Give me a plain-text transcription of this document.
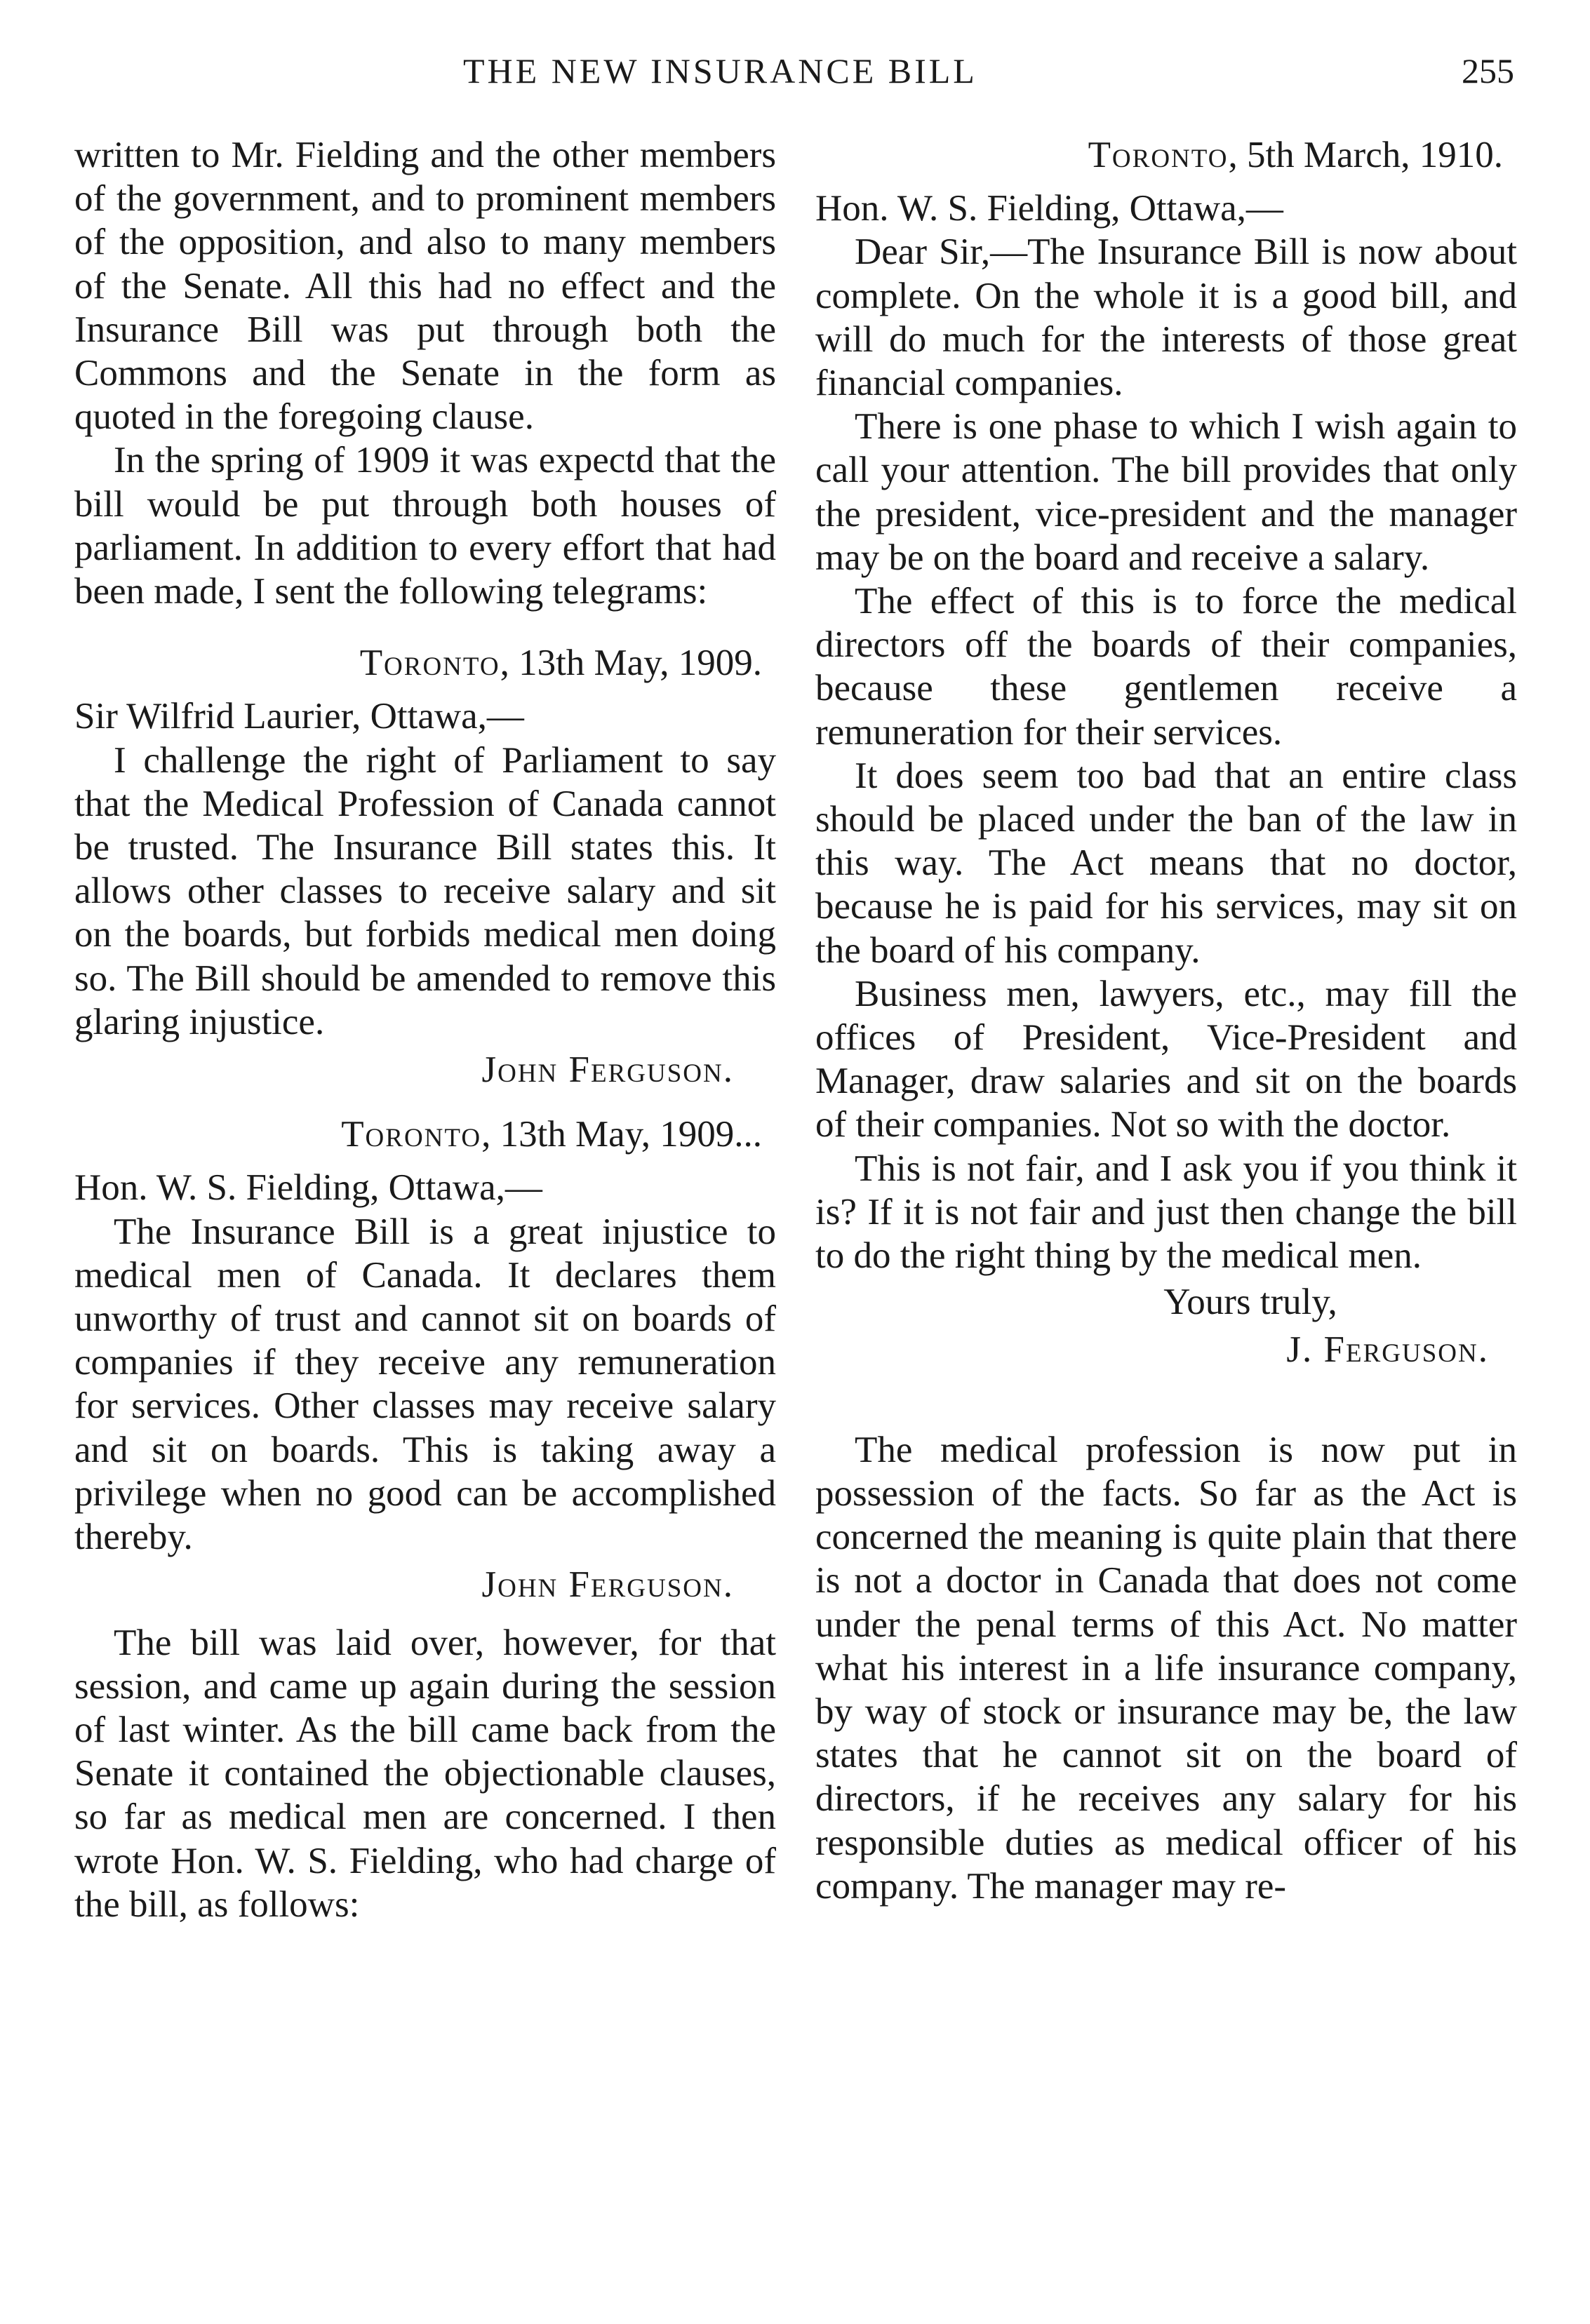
THE NEW INSURANCE BILL	255

written to Mr. Fielding and the other members of the government, and to prominent members of the opposition, and also to many members of the Senate. All this had no effect and the Insurance Bill was put through both the Commons and the Senate in the form as quoted in the foregoing clause.

In the spring of 1909 it was expectd that the bill would be put through both houses of parliament. In addition to every effort that had been made, I sent the following telegrams:

Toronto, 13th May, 1909.

Sir Wilfrid Laurier, Ottawa,—

I challenge the right of Parliament to say that the Medical Profession of Canada cannot be trusted. The Insurance Bill states this. It allows other classes to receive salary and sit on the boards, but forbids medical men doing so. The Bill should be amended to remove this glaring injustice.

John Ferguson.
Toronto, 13th May, 1909...

Hon. W. S. Fielding, Ottawa,—

The Insurance Bill is a great injustice to medical men of Canada. It declares them unworthy of trust and cannot sit on boards of companies if they receive any remuneration for services. Other classes may receive salary and sit on boards. This is taking away a privilege when no good can be accomplished thereby.

John Ferguson.

The bill was laid over, however, for that session, and came up again during the session of last winter. As the bill came back from the Senate it contained the objectionable clauses, so far as medical men are concerned. I then wrote Hon. W. S. Fielding, who had charge of the bill, as follows:

Toronto, 5th March, 1910.

Hon. W. S. Fielding, Ottawa,—

Dear Sir,—The Insurance Bill is now about complete. On the whole it is a good bill, and will do much for the interests of those great financial companies.

There is one phase to which I wish again to call your attention. The bill provides that only the president, vice-president and the manager may be on the board and receive a salary.

The effect of this is to force the medical directors off the boards of their companies, because these gentlemen receive a remuneration for their services.

It does seem too bad that an entire class should be placed under the ban of the law in this way. The Act means that no doctor, because he is paid for his services, may sit on the board of his company.

Business men, lawyers, etc., may fill the offices of President, Vice-President and Manager, draw salaries and sit on the boards of their companies. Not so with the doctor.

This is not fair, and I ask you if you think it is? If it is not fair and just then change the bill to do the right thing by the medical men.

Yours truly,
J. Ferguson.

The medical profession is now put in possession of the facts. So far as the Act is concerned the meaning is quite plain that there is not a doctor in Canada that does not come under the penal terms of this Act. No matter what his interest in a life insurance company, by way of stock or insurance may be, the law states that he cannot sit on the board of directors, if he receives any salary for his responsible duties as medical officer of his company. The manager may re-
